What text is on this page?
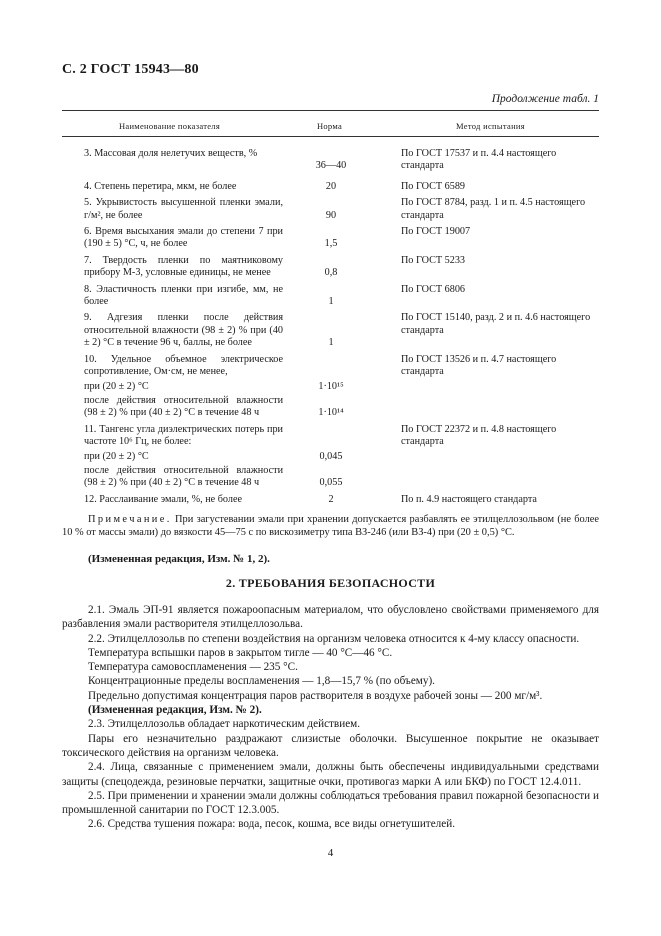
С. 2 ГОСТ 15943—80
Продолжение табл. 1
Наименование показателя	Норма	Метод испытания
3. Массовая доля нелетучих веществ, %	36—40	По ГОСТ 17537 и п. 4.4 настоящего стандарта
4. Степень перетира, мкм, не более	20	По ГОСТ 6589
5. Укрывистость высушенной пленки эмали, г/м², не более	90	По ГОСТ 8784, разд. 1 и п. 4.5 настоящего стандарта
6. Время высыхания эмали до степени 7 при (190 ± 5) °С, ч, не более	1,5	По ГОСТ 19007
7. Твердость пленки по маятниковому прибору М-3, условные единицы, не менее	0,8	По ГОСТ 5233
8. Эластичность пленки при изгибе, мм, не более	1	По ГОСТ 6806
9. Адгезия пленки после действия относительной влажности (98 ± 2) % при (40 ± 2) °С в течение 96 ч, баллы, не более	1	По ГОСТ 15140, разд. 2 и п. 4.6 настоящего стандарта
10. Удельное объемное электрическое сопротивление, Ом·см, не менее,		По ГОСТ 13526 и п. 4.7 настоящего стандарта
при (20 ± 2) °С	1·10¹⁵	
после действия относительной влажности (98 ± 2) % при (40 ± 2) °С в течение 48 ч	1·10¹⁴	
11. Тангенс угла диэлектрических потерь при частоте 10⁶ Гц, не более:		По ГОСТ 22372 и п. 4.8 настоящего стандарта
при (20 ± 2) °С	0,045	
после действия относительной влажности (98 ± 2) % при (40 ± 2) °С в течение 48 ч	0,055	
12. Расслаивание эмали, %, не более	2	По п. 4.9 настоящего стандарта

Примечание. При загустевании эмали при хранении допускается разбавлять ее этилцеллозольвом (не более 10 % от массы эмали) до вязкости 45—75 с по вискозиметру типа ВЗ-246 (или ВЗ-4) при (20 ± 0,5) °С.

(Измененная редакция, Изм. № 1, 2).
2. ТРЕБОВАНИЯ БЕЗОПАСНОСТИ

2.1. Эмаль ЭП-91 является пожароопасным материалом, что обусловлено свойствами применяемого для разбавления эмали растворителя этилцеллозольва.

2.2. Этилцеллозольв по степени воздействия на организм человека относится к 4-му классу опасности.

Температура вспышки паров в закрытом тигле — 40 °С—46 °С.

Температура самовоспламенения — 235 °С.

Концентрационные пределы воспламенения — 1,8—15,7 % (по объему).

Предельно допустимая концентрация паров растворителя в воздухе рабочей зоны — 200 мг/м³.

(Измененная редакция, Изм. № 2).

2.3. Этилцеллозольв обладает наркотическим действием.

Пары его незначительно раздражают слизистые оболочки. Высушенное покрытие не оказывает токсического действия на организм человека.

2.4. Лица, связанные с применением эмали, должны быть обеспечены индивидуальными средствами защиты (спецодежда, резиновые перчатки, защитные очки, противогаз марки А или БКФ) по ГОСТ 12.4.011.

2.5. При применении и хранении эмали должны соблюдаться требования правил пожарной безопасности и промышленной санитарии по ГОСТ 12.3.005.

2.6. Средства тушения пожара: вода, песок, кошма, все виды огнетушителей.

4
